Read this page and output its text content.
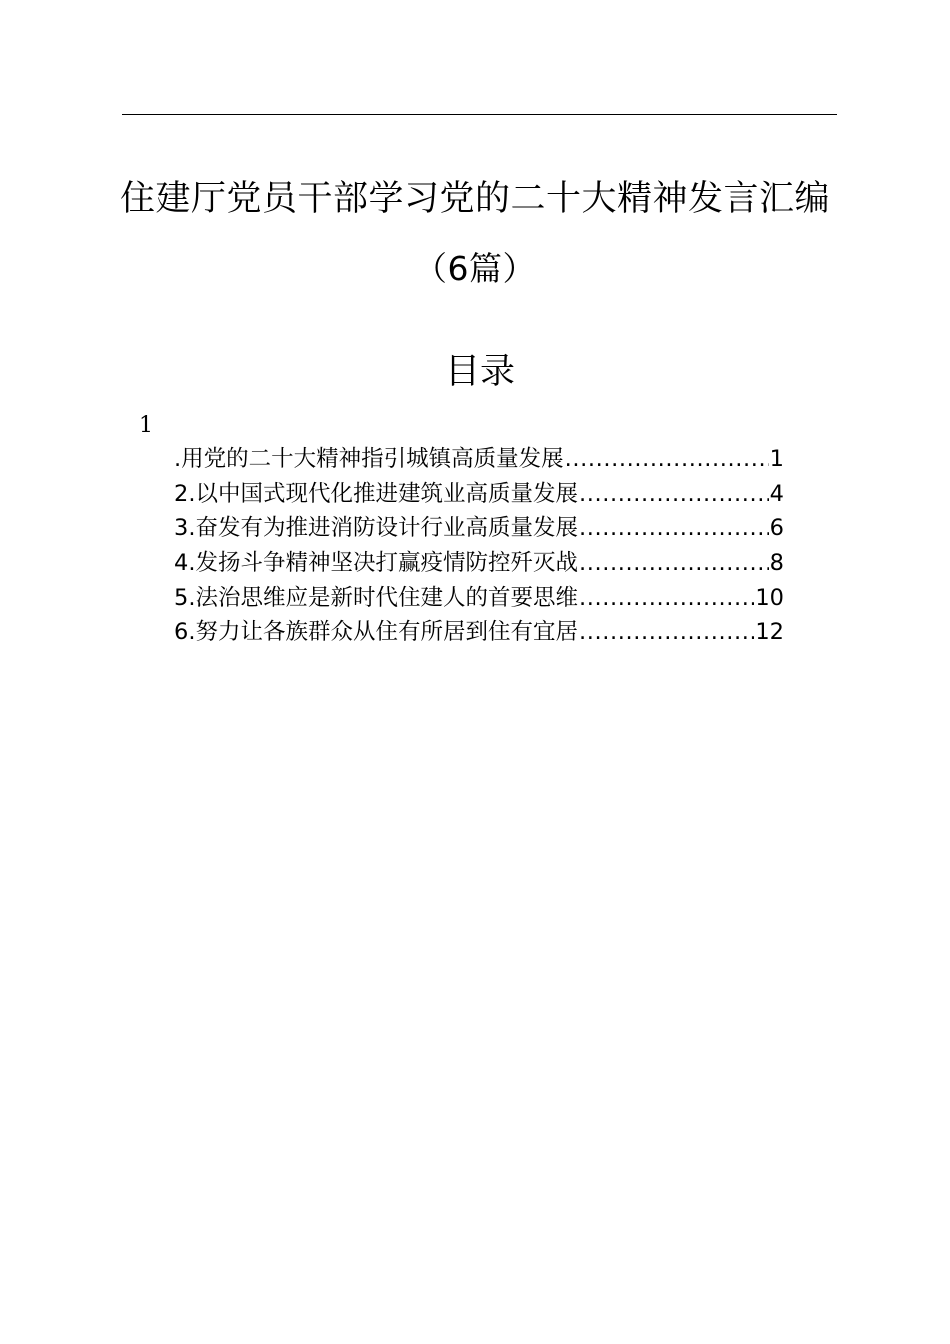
住建厅党员干部学习党的二十大精神发言汇编
（6篇）
目录
1
.用党的二十大精神指引城镇高质量发展 .....	1
2.以中国式现代化推进建筑业高质量发展 .....	4
3.奋发有为推进消防设计行业高质量发展 .....	6
4.发扬斗争精神坚决打赢疫情防控歼灭战 .....	8
5.法治思维应是新时代住建人的首要思维 .....	10
6.努力让各族群众从住有所居到住有宜居 .....	12
